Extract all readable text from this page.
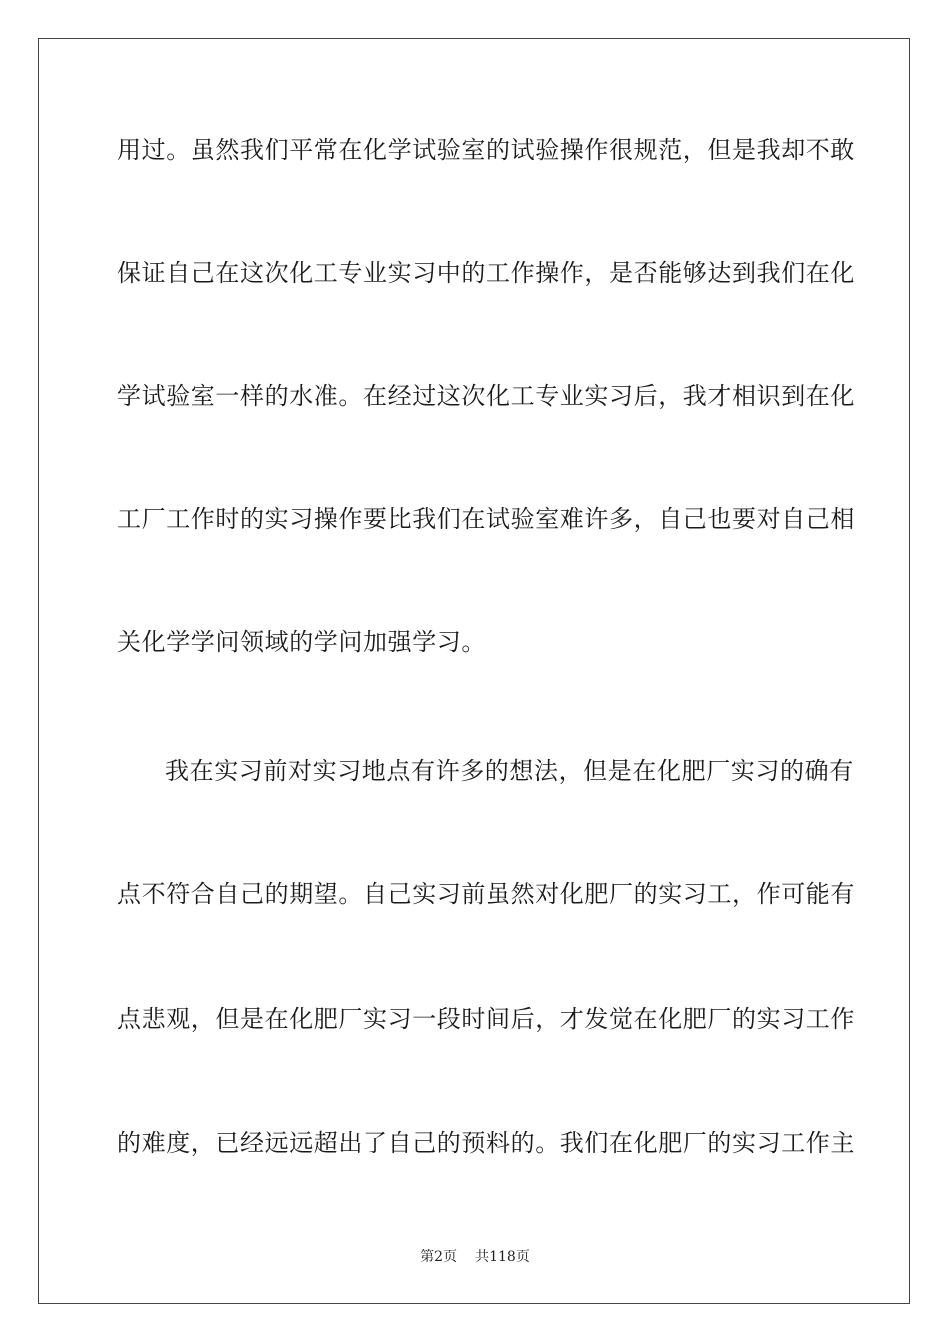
用过。虽然我们平常在化学试验室的试验操作很规范，但是我却不敢
保证自己在这次化工专业实习中的工作操作，是否能够达到我们在化
学试验室一样的水准。在经过这次化工专业实习后，我才相识到在化
工厂工作时的实习操作要比我们在试验室难许多，自己也要对自己相
关化学学问领域的学问加强学习。
我在实习前对实习地点有许多的想法，但是在化肥厂实习的确有
点不符合自己的期望。自己实习前虽然对化肥厂的实习工，作可能有
点悲观，但是在化肥厂实习一段时间后，才发觉在化肥厂的实习工作
的难度，已经远远超出了自己的预料的。我们在化肥厂的实习工作主
第2页 共118页
